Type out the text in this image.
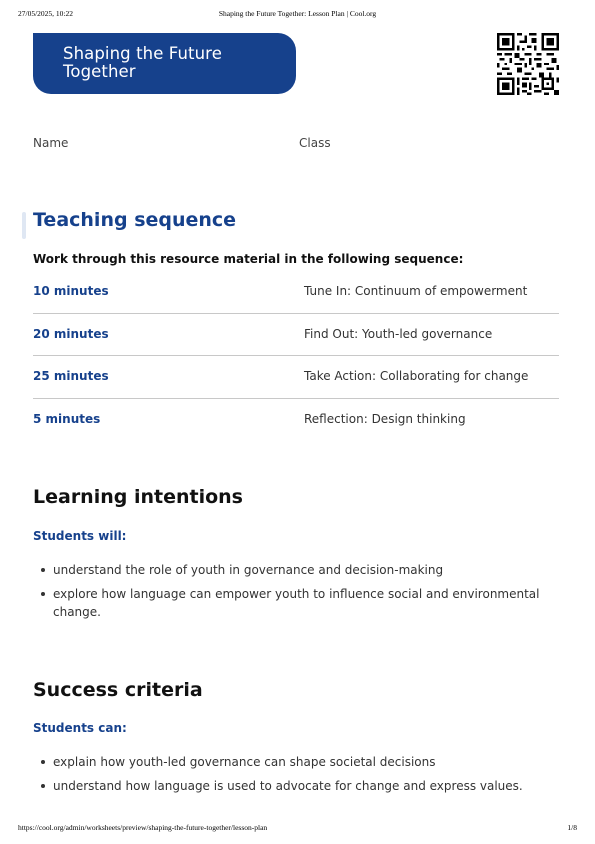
27/05/2025, 10:22	Shaping the Future Together: Lesson Plan | Cool.org
Shaping the Future
Together
Name	Class
Teaching sequence

Work through this resource material in the following sequence:

10 minutes	Tune In: Continuum of empowerment
20 minutes	Find Out: Youth-led governance
25 minutes	Take Action: Collaborating for change
5 minutes	Reflection: Design thinking
Learning intentions

Students will:

understand the role of youth in governance and decision-making
explore how language can empower youth to influence social and environmental change.
Success criteria

Students can:

explain how youth-led governance can shape societal decisions
understand how language is used to advocate for change and express values.
https://cool.org/admin/worksheets/preview/shaping-the-future-together/lesson-plan	1/8
